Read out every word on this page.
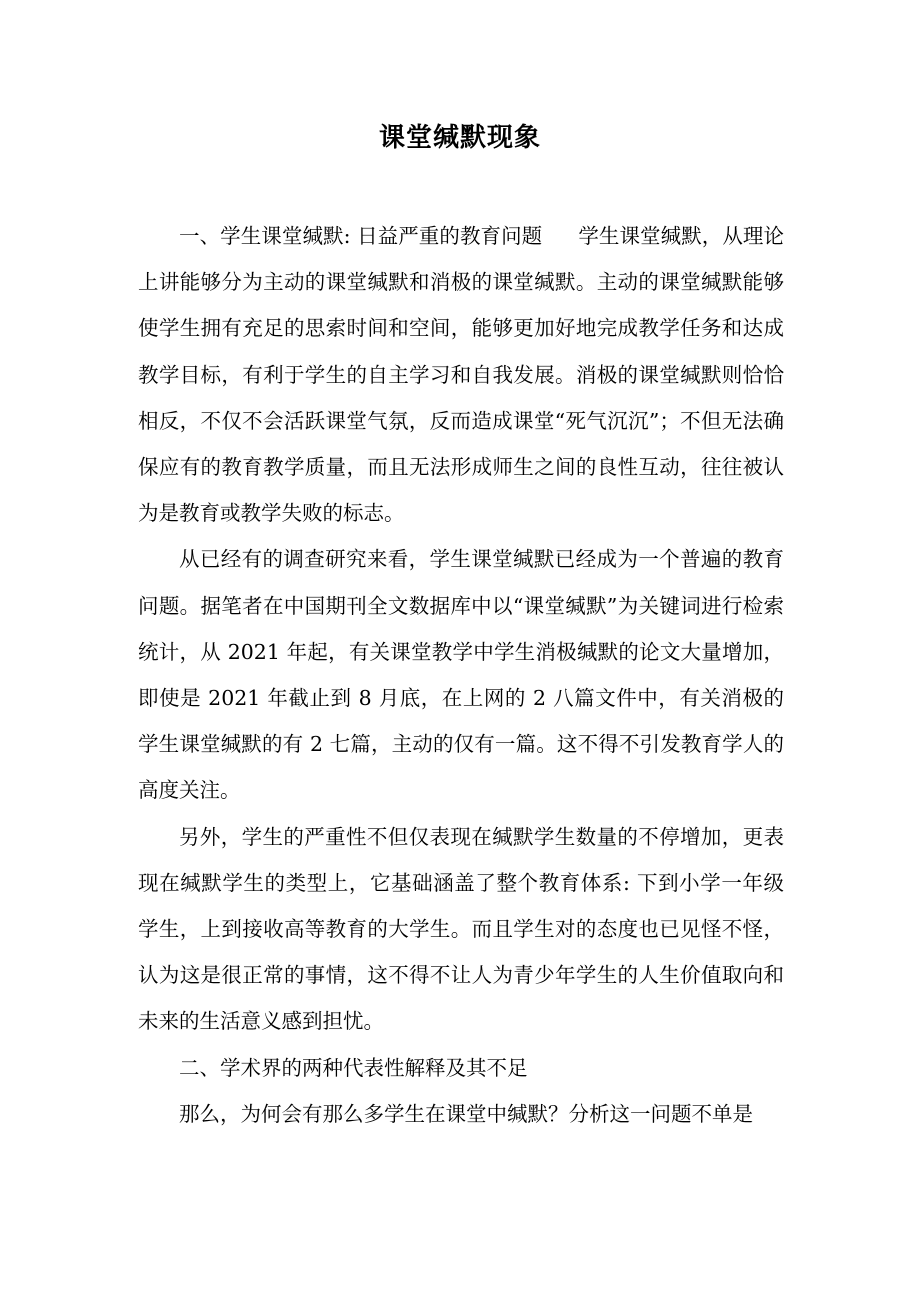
课堂缄默现象

一、学生课堂缄默: 日益严重的教育问题 学生课堂缄默，从理论上讲能够分为主动的课堂缄默和消极的课堂缄默。主动的课堂缄默能够使学生拥有充足的思索时间和空间，能够更加好地完成教学任务和达成教学目标，有利于学生的自主学习和自我发展。消极的课堂缄默则恰恰相反，不仅不会活跃课堂气氛，反而造成课堂“死气沉沉”；不但无法确保应有的教育教学质量，而且无法形成师生之间的良性互动，往往被认为是教育或教学失败的标志。

从已经有的调查研究来看，学生课堂缄默已经成为一个普遍的教育问题。据笔者在中国期刊全文数据库中以“课堂缄默”为关键词进行检索统计，从 2021 年起，有关课堂教学中学生消极缄默的论文大量增加，即使是 2021 年截止到 8 月底，在上网的 2 八篇文件中，有关消极的学生课堂缄默的有 2 七篇，主动的仅有一篇。这不得不引发教育学人的高度关注。

另外，学生的严重性不但仅表现在缄默学生数量的不停增加，更表现在缄默学生的类型上，它基础涵盖了整个教育体系: 下到小学一年级学生，上到接收高等教育的大学生。而且学生对的态度也已见怪不怪，认为这是很正常的事情，这不得不让人为青少年学生的人生价值取向和未来的生活意义感到担忧。

二、学术界的两种代表性解释及其不足

那么，为何会有那么多学生在课堂中缄默？分析这一问题不单是
